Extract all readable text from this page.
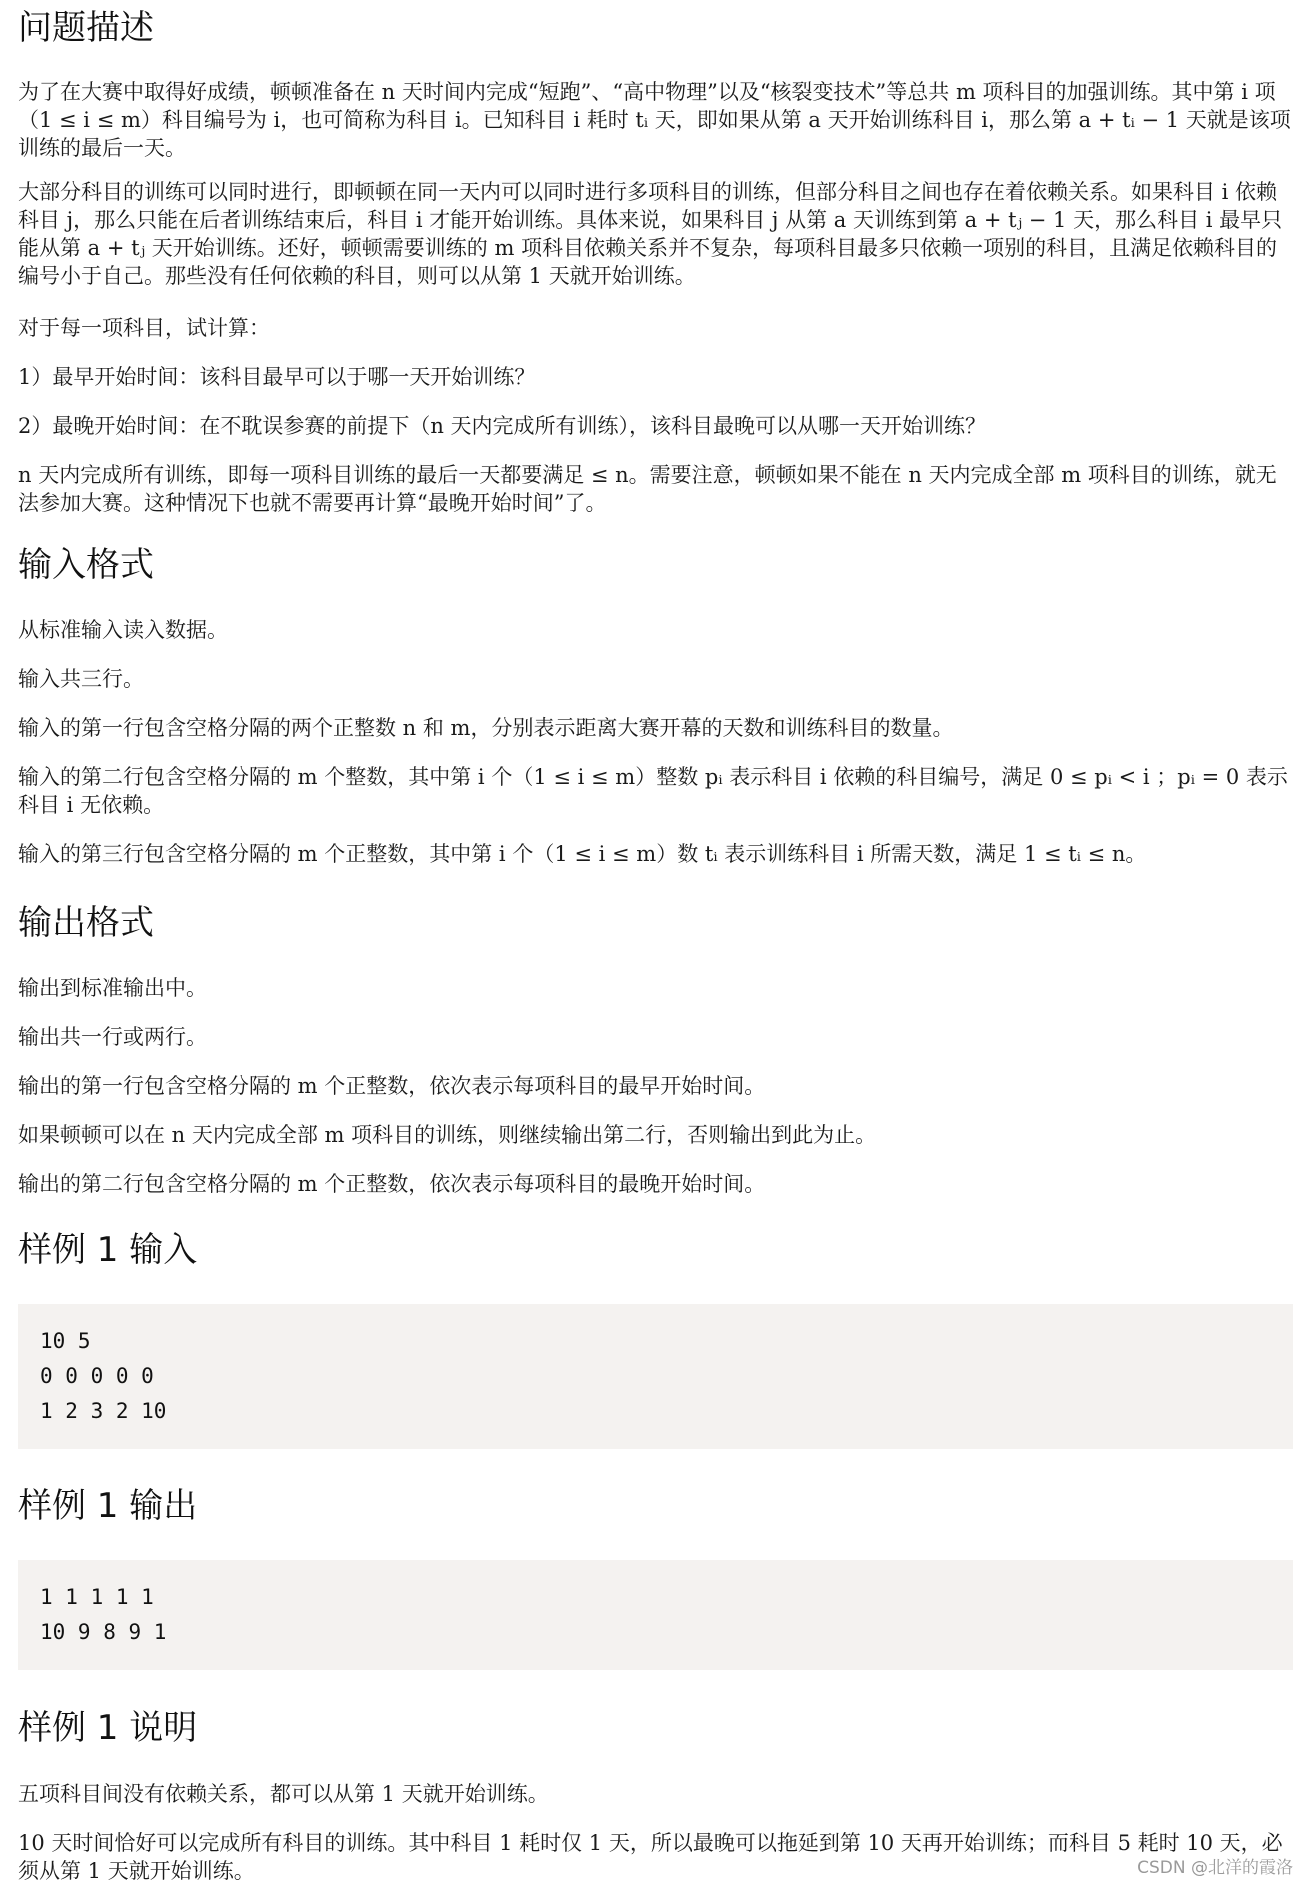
问题描述

为了在大赛中取得好成绩，顿顿准备在 n 天时间内完成“短跑”、“高中物理”以及“核裂变技术”等总共 m 项科目的加强训练。其中第 i 项（1 ≤ i ≤ m）科目编号为 i，也可简称为科目 i。已知科目 i 耗时 tᵢ 天，即如果从第 a 天开始训练科目 i，那么第 a + tᵢ − 1 天就是该项训练的最后一天。

大部分科目的训练可以同时进行，即顿顿在同一天内可以同时进行多项科目的训练，但部分科目之间也存在着依赖关系。如果科目 i 依赖科目 j，那么只能在后者训练结束后，科目 i 才能开始训练。具体来说，如果科目 j 从第 a 天训练到第 a + tⱼ − 1 天，那么科目 i 最早只能从第 a + tⱼ 天开始训练。还好，顿顿需要训练的 m 项科目依赖关系并不复杂，每项科目最多只依赖一项别的科目，且满足依赖科目的编号小于自己。那些没有任何依赖的科目，则可以从第 1 天就开始训练。

对于每一项科目，试计算：

1）最早开始时间：该科目最早可以于哪一天开始训练？

2）最晚开始时间：在不耽误参赛的前提下（n 天内完成所有训练），该科目最晚可以从哪一天开始训练？

n 天内完成所有训练，即每一项科目训练的最后一天都要满足 ≤ n。需要注意，顿顿如果不能在 n 天内完成全部 m 项科目的训练，就无法参加大赛。这种情况下也就不需要再计算“最晚开始时间”了。

输入格式

从标准输入读入数据。

输入共三行。

输入的第一行包含空格分隔的两个正整数 n 和 m，分别表示距离大赛开幕的天数和训练科目的数量。

输入的第二行包含空格分隔的 m 个整数，其中第 i 个（1 ≤ i ≤ m）整数 pᵢ 表示科目 i 依赖的科目编号，满足 0 ≤ pᵢ < i ；pᵢ = 0 表示科目 i 无依赖。

输入的第三行包含空格分隔的 m 个正整数，其中第 i 个（1 ≤ i ≤ m）数 tᵢ 表示训练科目 i 所需天数，满足 1 ≤ tᵢ ≤ n。

输出格式

输出到标准输出中。

输出共一行或两行。

输出的第一行包含空格分隔的 m 个正整数，依次表示每项科目的最早开始时间。

如果顿顿可以在 n 天内完成全部 m 项科目的训练，则继续输出第二行，否则输出到此为止。

输出的第二行包含空格分隔的 m 个正整数，依次表示每项科目的最晚开始时间。

样例 1 输入
10 5
0 0 0 0 0
1 2 3 2 10
样例 1 输出
1 1 1 1 1
10 9 8 9 1
样例 1 说明

五项科目间没有依赖关系，都可以从第 1 天就开始训练。

10 天时间恰好可以完成所有科目的训练。其中科目 1 耗时仅 1 天，所以最晚可以拖延到第 10 天再开始训练；而科目 5 耗时 10 天，必须从第 1 天就开始训练。	CSDN @北洋的霞洛
